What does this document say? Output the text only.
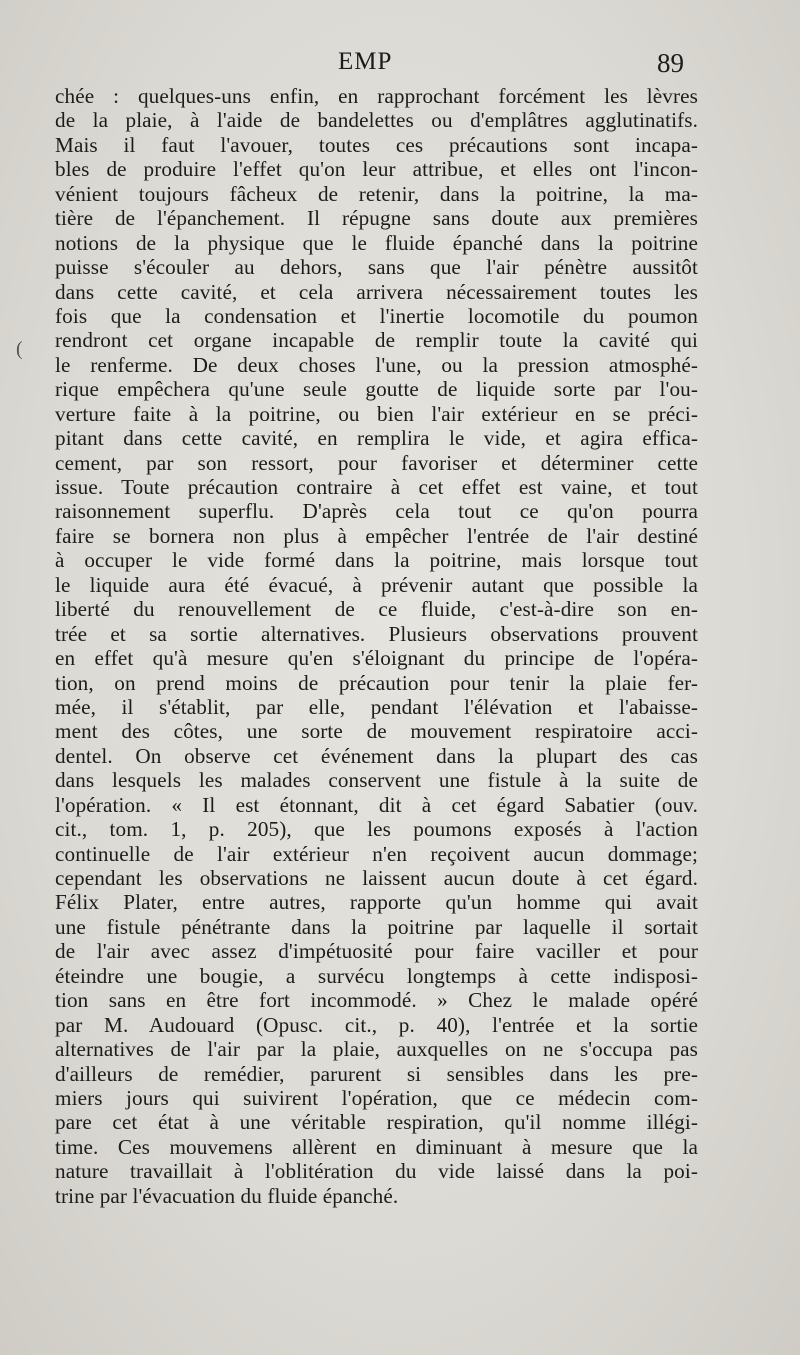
EMP	89
(
chée : quelques-uns enfin, en rapprochant forcément les lèvres
de la plaie, à l'aide de bandelettes ou d'emplâtres agglutinatifs.
Mais il faut l'avouer, toutes ces précautions sont incapa-
bles de produire l'effet qu'on leur attribue, et elles ont l'incon-
vénient toujours fâcheux de retenir, dans la poitrine, la ma-
tière de l'épanchement. Il répugne sans doute aux premières
notions de la physique que le fluide épanché dans la poitrine
puisse s'écouler au dehors, sans que l'air pénètre aussitôt
dans cette cavité, et cela arrivera nécessairement toutes les
fois que la condensation et l'inertie locomotile du poumon
rendront cet organe incapable de remplir toute la cavité qui
le renferme. De deux choses l'une, ou la pression atmosphé-
rique empêchera qu'une seule goutte de liquide sorte par l'ou-
verture faite à la poitrine, ou bien l'air extérieur en se préci-
pitant dans cette cavité, en remplira le vide, et agira effica-
cement, par son ressort, pour favoriser et déterminer cette
issue. Toute précaution contraire à cet effet est vaine, et tout
raisonnement superflu. D'après cela tout ce qu'on pourra
faire se bornera non plus à empêcher l'entrée de l'air destiné
à occuper le vide formé dans la poitrine, mais lorsque tout
le liquide aura été évacué, à prévenir autant que possible la
liberté du renouvellement de ce fluide, c'est-à-dire son en-
trée et sa sortie alternatives. Plusieurs observations prouvent
en effet qu'à mesure qu'en s'éloignant du principe de l'opéra-
tion, on prend moins de précaution pour tenir la plaie fer-
mée, il s'établit, par elle, pendant l'élévation et l'abaisse-
ment des côtes, une sorte de mouvement respiratoire acci-
dentel. On observe cet événement dans la plupart des cas
dans lesquels les malades conservent une fistule à la suite de
l'opération. « Il est étonnant, dit à cet égard Sabatier (ouv.
cit., tom. 1, p. 205), que les poumons exposés à l'action
continuelle de l'air extérieur n'en reçoivent aucun dommage;
cependant les observations ne laissent aucun doute à cet égard.
Félix Plater, entre autres, rapporte qu'un homme qui avait
une fistule pénétrante dans la poitrine par laquelle il sortait
de l'air avec assez d'impétuosité pour faire vaciller et pour
éteindre une bougie, a survécu longtemps à cette indisposi-
tion sans en être fort incommodé. » Chez le malade opéré
par M. Audouard (Opusc. cit., p. 40), l'entrée et la sortie
alternatives de l'air par la plaie, auxquelles on ne s'occupa pas
d'ailleurs de remédier, parurent si sensibles dans les pre-
miers jours qui suivirent l'opération, que ce médecin com-
pare cet état à une véritable respiration, qu'il nomme illégi-
time. Ces mouvemens allèrent en diminuant à mesure que la
nature travaillait à l'oblitération du vide laissé dans la poi-
trine par l'évacuation du fluide épanché.
